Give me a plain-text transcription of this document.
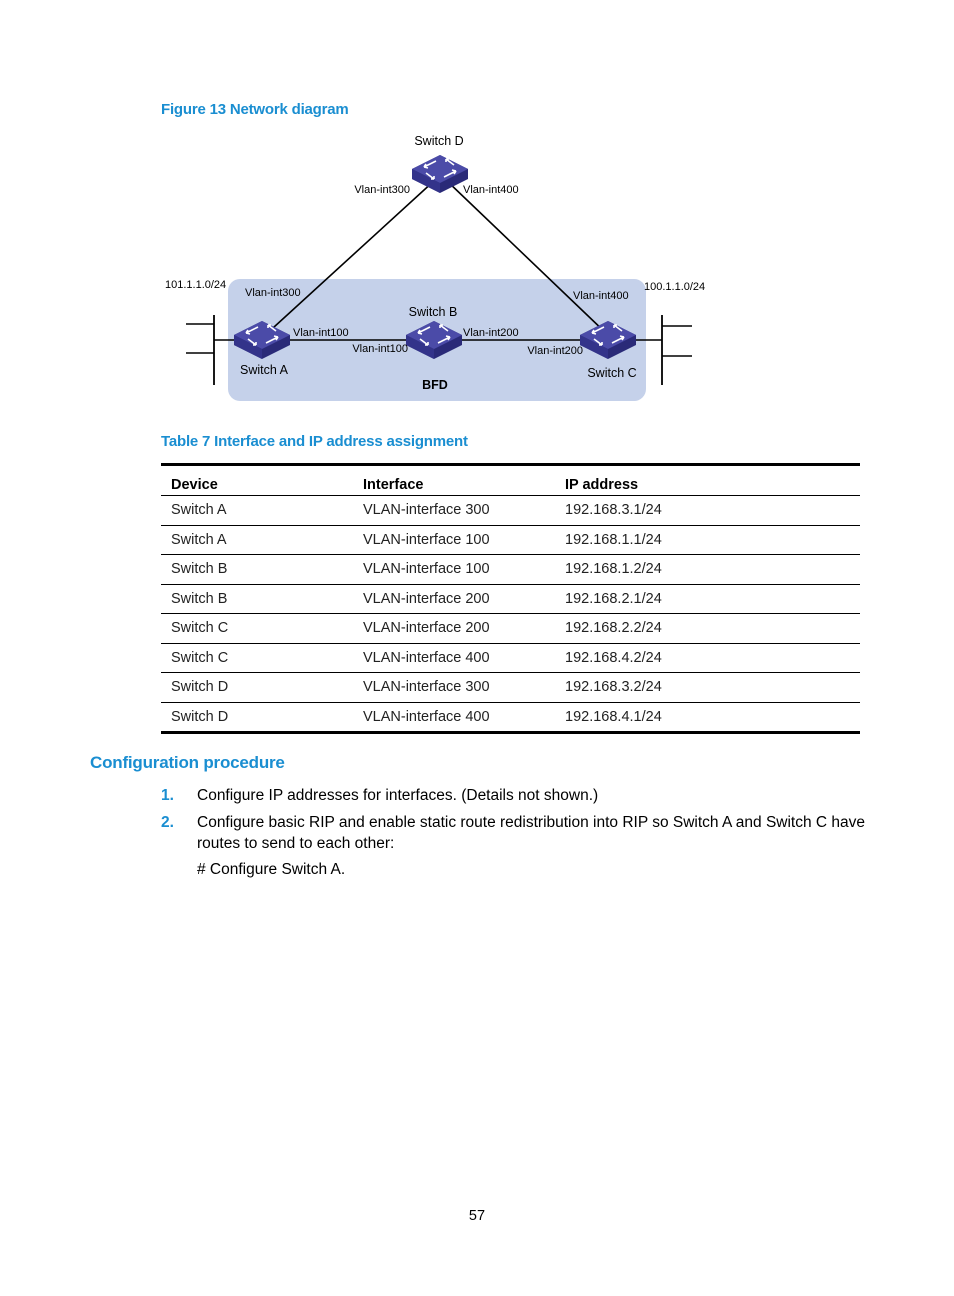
Figure 13 Network diagram
Switch D
Switch A
Switch B
Switch C
BFD
Vlan-int300	Vlan-int400
Vlan-int300
Vlan-int100
Vlan-int100
Vlan-int200
Vlan-int200
Vlan-int400
101.1.1.0/24	100.1.1.0/24
Table 7 Interface and IP address assignment
Device	Interface	IP address
Switch A	VLAN-interface 300	192.168.3.1/24
Switch A	VLAN-interface 100	192.168.1.1/24
Switch B	VLAN-interface 100	192.168.1.2/24
Switch B	VLAN-interface 200	192.168.2.1/24
Switch C	VLAN-interface 200	192.168.2.2/24
Switch C	VLAN-interface 400	192.168.4.2/24
Switch D	VLAN-interface 300	192.168.3.2/24
Switch D	VLAN-interface 400	192.168.4.1/24
Configuration procedure
1. Configure IP addresses for interfaces. (Details not shown.)
2. Configure basic RIP and enable static route redistribution into RIP so Switch A and Switch C have routes to send to each other:
# Configure Switch A.
57
